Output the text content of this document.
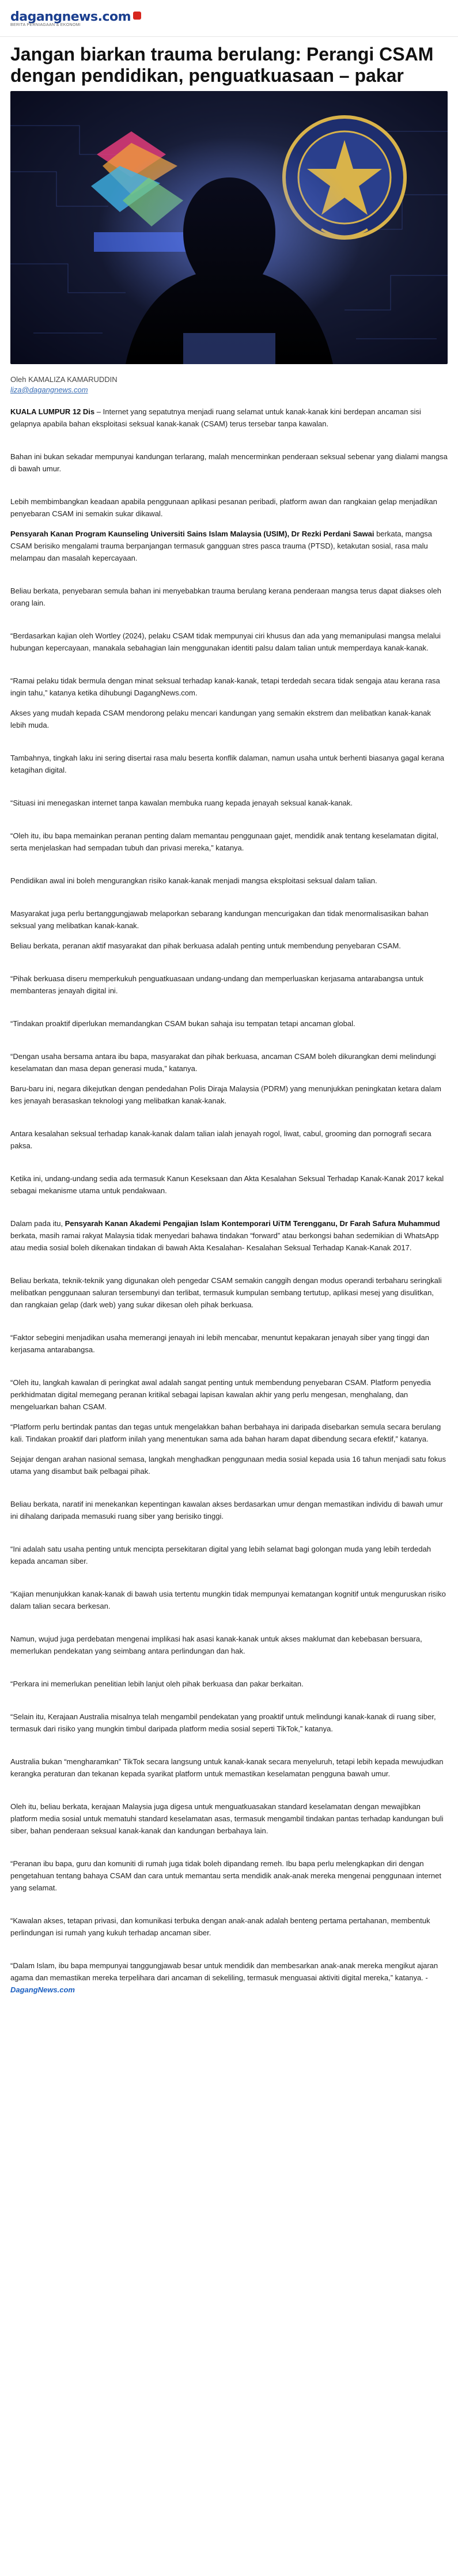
dagangnews.com
BERITA PERNIAGAAN & EKONOMI
Jangan biarkan trauma berulang: Perangi CSAM dengan pendidikan, penguatkuasaan – pakar

Oleh KAMALIZA KAMARUDDIN

liza@dagangnews.com

KUALA LUMPUR 12 Dis – Internet yang sepatutnya menjadi ruang selamat untuk kanak-kanak kini berdepan ancaman sisi gelapnya apabila bahan eksploitasi seksual kanak-kanak (CSAM) terus tersebar tanpa kawalan.

Bahan ini bukan sekadar mempunyai kandungan terlarang, malah mencerminkan penderaan seksual sebenar yang dialami mangsa di bawah umur.

Lebih membimbangkan keadaan apabila penggunaan aplikasi pesanan peribadi, platform awan dan rangkaian gelap menjadikan penyebaran CSAM ini semakin sukar dikawal.

Pensyarah Kanan Program Kaunseling Universiti Sains Islam Malaysia (USIM), Dr Rezki Perdani Sawai berkata, mangsa CSAM berisiko mengalami trauma berpanjangan termasuk gangguan stres pasca trauma (PTSD), ketakutan sosial, rasa malu melampau dan masalah kepercayaan.

Beliau berkata, penyebaran semula bahan ini menyebabkan trauma berulang kerana penderaan mangsa terus dapat diakses oleh orang lain.

“Berdasarkan kajian oleh Wortley (2024), pelaku CSAM tidak mempunyai ciri khusus dan ada yang memanipulasi mangsa melalui hubungan kepercayaan, manakala sebahagian lain menggunakan identiti palsu dalam talian untuk memperdaya kanak-kanak.

“Ramai pelaku tidak bermula dengan minat seksual terhadap kanak-kanak, tetapi terdedah secara tidak sengaja atau kerana rasa ingin tahu,” katanya ketika dihubungi DagangNews.com.

Akses yang mudah kepada CSAM mendorong pelaku mencari kandungan yang semakin ekstrem dan melibatkan kanak-kanak lebih muda.

Tambahnya, tingkah laku ini sering disertai rasa malu beserta konflik dalaman, namun usaha untuk berhenti biasanya gagal kerana ketagihan digital.

“Situasi ini menegaskan internet tanpa kawalan membuka ruang kepada jenayah seksual kanak-kanak.

“Oleh itu, ibu bapa memainkan peranan penting dalam memantau penggunaan gajet, mendidik anak tentang keselamatan digital, serta menjelaskan had sempadan tubuh dan privasi mereka,” katanya.

Pendidikan awal ini boleh mengurangkan risiko kanak-kanak menjadi mangsa eksploitasi seksual dalam talian.

Masyarakat juga perlu bertanggungjawab melaporkan sebarang kandungan mencurigakan dan tidak menormalisasikan bahan seksual yang melibatkan kanak-kanak.

Beliau berkata, peranan aktif masyarakat dan pihak berkuasa adalah penting untuk membendung penyebaran CSAM.

“Pihak berkuasa diseru memperkukuh penguatkuasaan undang-undang dan memperluaskan kerjasama antarabangsa untuk membanteras jenayah digital ini.

“Tindakan proaktif diperlukan memandangkan CSAM bukan sahaja isu tempatan tetapi ancaman global.

“Dengan usaha bersama antara ibu bapa, masyarakat dan pihak berkuasa, ancaman CSAM boleh dikurangkan demi melindungi keselamatan dan masa depan generasi muda,” katanya.

Baru-baru ini, negara dikejutkan dengan pendedahan Polis Diraja Malaysia (PDRM) yang menunjukkan peningkatan ketara dalam kes jenayah berasaskan teknologi yang melibatkan kanak-kanak.

Antara kesalahan seksual terhadap kanak-kanak dalam talian ialah jenayah rogol, liwat, cabul, grooming dan pornografi secara paksa.

Ketika ini, undang-undang sedia ada termasuk Kanun Keseksaan dan Akta Kesalahan Seksual Terhadap Kanak-Kanak 2017 kekal sebagai mekanisme utama untuk pendakwaan.

Dalam pada itu, Pensyarah Kanan Akademi Pengajian Islam Kontemporari UiTM Terengganu, Dr Farah Safura Muhammud berkata, masih ramai rakyat Malaysia tidak menyedari bahawa tindakan “forward” atau berkongsi bahan sedemikian di WhatsApp atau media sosial boleh dikenakan tindakan di bawah Akta Kesalahan- Kesalahan Seksual Terhadap Kanak-Kanak 2017.

Beliau berkata, teknik-teknik yang digunakan oleh pengedar CSAM semakin canggih dengan modus operandi terbaharu seringkali melibatkan penggunaan saluran tersembunyi dan terlibat, termasuk kumpulan sembang tertutup, aplikasi mesej yang disulitkan, dan rangkaian gelap (dark web) yang sukar dikesan oleh pihak berkuasa.

“Faktor sebegini menjadikan usaha memerangi jenayah ini lebih mencabar, menuntut kepakaran jenayah siber yang tinggi dan kerjasama antarabangsa.

“Oleh itu, langkah kawalan di peringkat awal adalah sangat penting untuk membendung penyebaran CSAM. Platform penyedia perkhidmatan digital memegang peranan kritikal sebagai lapisan kawalan akhir yang perlu mengesan, menghalang, dan mengeluarkan bahan CSAM.

“Platform perlu bertindak pantas dan tegas untuk mengelakkan bahan berbahaya ini daripada disebarkan semula secara berulang kali. Tindakan proaktif dari platform inilah yang menentukan sama ada bahan haram dapat dibendung secara efektif,” katanya.

Sejajar dengan arahan nasional semasa, langkah menghadkan penggunaan media sosial kepada usia 16 tahun menjadi satu fokus utama yang disambut baik pelbagai pihak.

Beliau berkata, naratif ini menekankan kepentingan kawalan akses berdasarkan umur dengan memastikan individu di bawah umur ini dihalang daripada memasuki ruang siber yang berisiko tinggi.

“Ini adalah satu usaha penting untuk mencipta persekitaran digital yang lebih selamat bagi golongan muda yang lebih terdedah kepada ancaman siber.

“Kajian menunjukkan kanak-kanak di bawah usia tertentu mungkin tidak mempunyai kematangan kognitif untuk menguruskan risiko dalam talian secara berkesan.

Namun, wujud juga perdebatan mengenai implikasi hak asasi kanak-kanak untuk akses maklumat dan kebebasan bersuara, memerlukan pendekatan yang seimbang antara perlindungan dan hak.

“Perkara ini memerlukan penelitian lebih lanjut oleh pihak berkuasa dan pakar berkaitan.

“Selain itu, Kerajaan Australia misalnya telah mengambil pendekatan yang proaktif untuk melindungi kanak-kanak di ruang siber, termasuk dari risiko yang mungkin timbul daripada platform media sosial seperti TikTok,” katanya.

Australia bukan “mengharamkan” TikTok secara langsung untuk kanak-kanak secara menyeluruh, tetapi lebih kepada mewujudkan kerangka peraturan dan tekanan kepada syarikat platform untuk memastikan keselamatan pengguna bawah umur.

Oleh itu, beliau berkata, kerajaan Malaysia juga digesa untuk menguatkuasakan standard keselamatan dengan mewajibkan platform media sosial untuk mematuhi standard keselamatan asas, termasuk mengambil tindakan pantas terhadap kandungan buli siber, bahan penderaan seksual kanak-kanak dan kandungan berbahaya lain.

“Peranan ibu bapa, guru dan komuniti di rumah juga tidak boleh dipandang remeh. Ibu bapa perlu melengkapkan diri dengan pengetahuan tentang bahaya CSAM dan cara untuk memantau serta mendidik anak-anak mereka mengenai penggunaan internet yang selamat.

“Kawalan akses, tetapan privasi, dan komunikasi terbuka dengan anak-anak adalah benteng pertama pertahanan, membentuk perlindungan isi rumah yang kukuh terhadap ancaman siber.

“Dalam Islam, ibu bapa mempunyai tanggungjawab besar untuk mendidik dan membesarkan anak-anak mereka mengikut ajaran agama dan memastikan mereka terpelihara dari ancaman di sekeliling, termasuk menguasai aktiviti digital mereka,” katanya. - DagangNews.com
